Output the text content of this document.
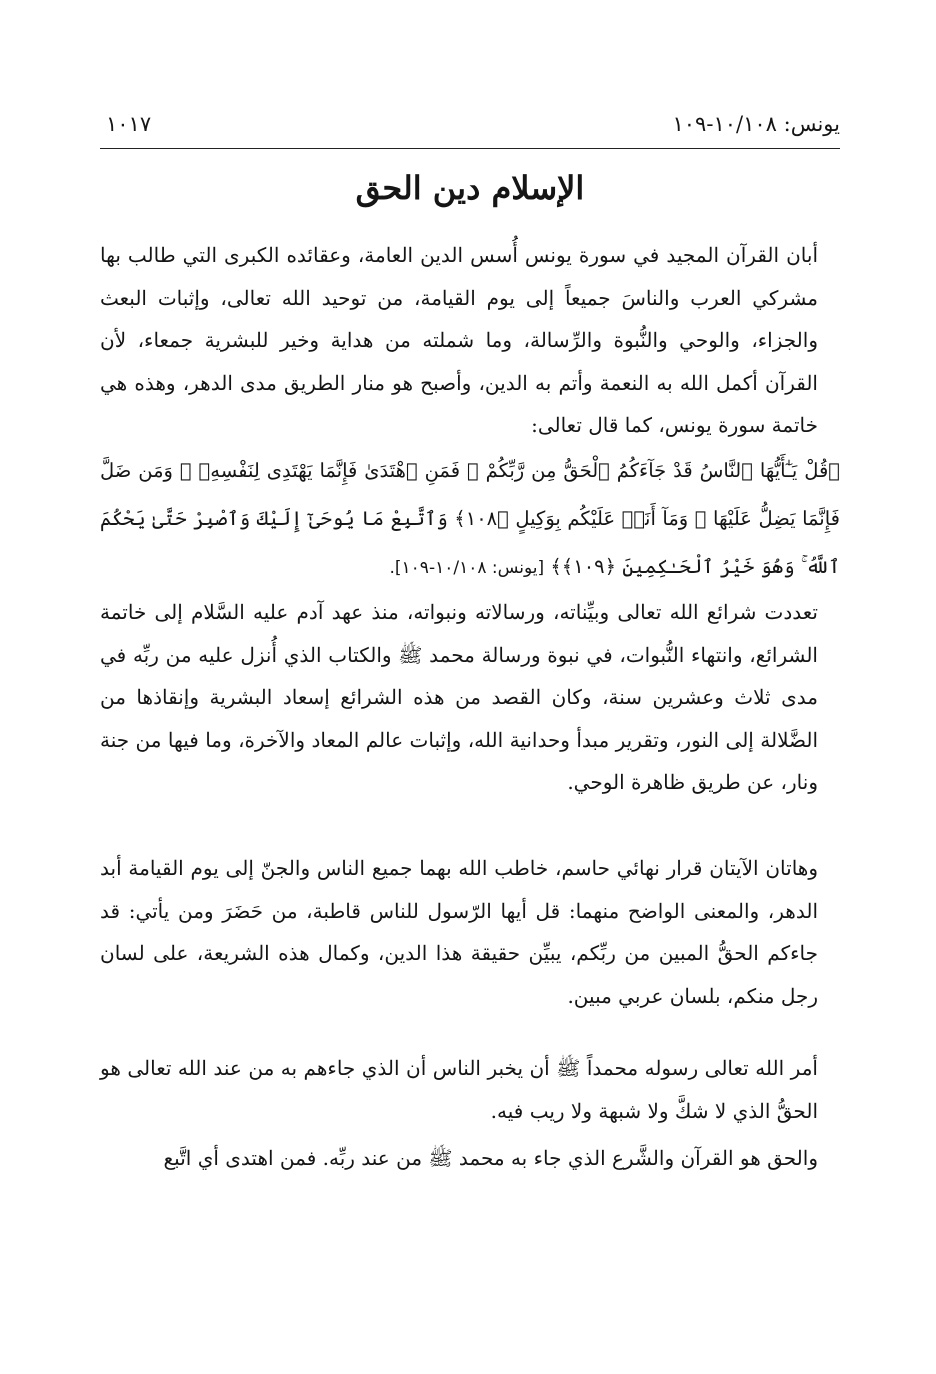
يونس: ١٠/١٠٨-١٠٩
١٠١٧
الإسلام دين الحق

أبان القرآن المجيد في سورة يونس أُسس الدين العامة، وعقائده الكبرى التي طالب بها مشركي العرب والناسَ جميعاً إلى يوم القيامة، من توحيد الله تعالى، وإثبات البعث والجزاء، والوحي والنُّبوة والرِّسالة، وما شملته من هداية وخير للبشرية جمعاء، لأن القرآن أكمل الله به النعمة وأتم به الدين، وأصبح هو منار الطريق مدى الدهر، وهذه هي خاتمة سورة يونس، كما قال تعالى:

﴿قُلْ يَـٰٓأَيُّهَا ٱلنَّاسُ قَدْ جَآءَكُمُ ٱلْحَقُّ مِن رَّبِّكُمْ ۖ فَمَنِ ٱهْتَدَىٰ فَإِنَّمَا يَهْتَدِى لِنَفْسِهِۦ ۖ وَمَن ضَلَّ فَإِنَّمَا يَضِلُّ عَلَيْهَا ۖ وَمَآ أَنَا۠ عَلَيْكُم بِوَكِيلٍ ﴿١٠٨﴾ وَٱتَّبِعْ مَا يُوحَىٰٓ إِلَيْكَ وَٱصْبِرْ حَتَّىٰ يَحْكُمَ ٱللَّهُ ۚ وَهُوَ خَيْرُ ٱلْحَـٰكِمِينَ ﴿١٠٩﴾﴾ [يونس: ١٠/١٠٨-١٠٩].

تعددت شرائع الله تعالى وبيِّناته، ورسالاته ونبواته، منذ عهد آدم عليه السَّلام إلى خاتمة الشرائع، وانتهاء النُّبوات، في نبوة ورسالة محمد ﷺ والكتاب الذي أُنزل عليه من ربِّه في مدى ثلاث وعشرين سنة، وكان القصد من هذه الشرائع إسعاد البشرية وإنقاذها من الضَّلالة إلى النور، وتقرير مبدأ وحدانية الله، وإثبات عالم المعاد والآخرة، وما فيها من جنة ونار، عن طريق ظاهرة الوحي.

وهاتان الآيتان قرار نهائي حاسم، خاطب الله بهما جميع الناس والجنّ إلى يوم القيامة أبد الدهر، والمعنى الواضح منهما: قل أيها الرّسول للناس قاطبة، من حَضَرَ ومن يأتي: قد جاءكم الحقُّ المبين من ربِّكم، يبيِّن حقيقة هذا الدين، وكمال هذه الشريعة، على لسان رجل منكم، بلسان عربي مبين.

أمر الله تعالى رسوله محمداً ﷺ أن يخبر الناس أن الذي جاءهم به من عند الله تعالى هو الحقُّ الذي لا شكَّ ولا شبهة ولا ريب فيه.

والحق هو القرآن والشَّرع الذي جاء به محمد ﷺ من عند ربِّه. فمن اهتدى أي اتَّبع
